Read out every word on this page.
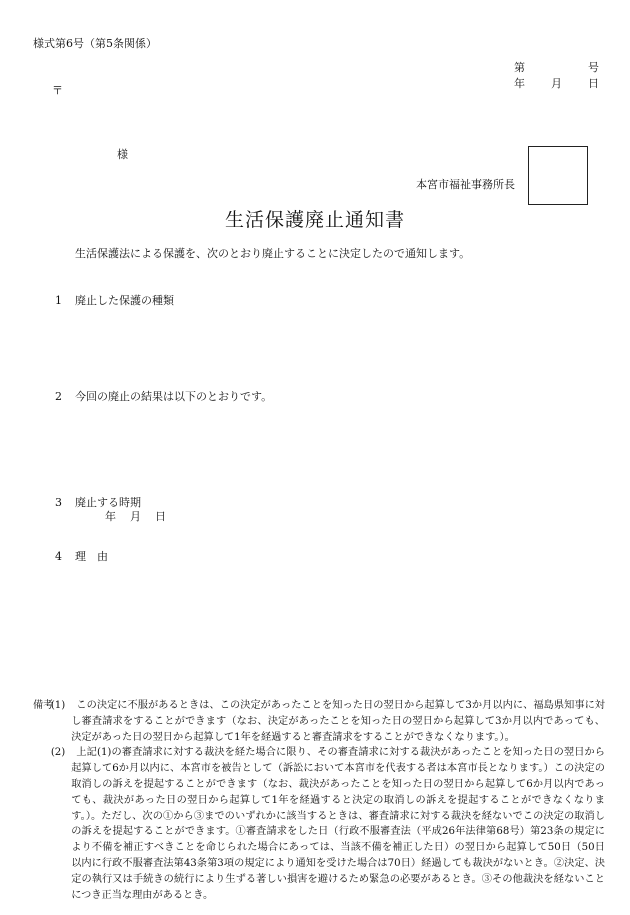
様式第6号（第5条関係）
第	号
年 月 日
〒
様
本宮市福祉事務所長
生活保護廃止通知書
生活保護法による保護を、次のとおり廃止することに決定したので通知します。
1 廃止した保護の種類
2 今回の廃止の結果は以下のとおりです。
3 廃止する時期
年 月 日
4 理　由
備考

(1) この決定に不服があるときは、この決定があったことを知った日の翌日から起算して3か月以内に、福島県知事に対し審査請求をすることができます（なお、決定があったことを知った日の翌日から起算して3か月以内であっても、決定があった日の翌日から起算して1年を経過すると審査請求をすることができなくなります。）。

(2) 上記(1)の審査請求に対する裁決を経た場合に限り、その審査請求に対する裁決があったことを知った日の翌日から起算して6か月以内に、本宮市を被告として（訴訟において本宮市を代表する者は本宮市長となります。）この決定の取消しの訴えを提起することができます（なお、裁決があったことを知った日の翌日から起算して6か月以内であっても、裁決があった日の翌日から起算して1年を経過すると決定の取消しの訴えを提起することができなくなります。）。ただし、次の①から③までのいずれかに該当するときは、審査請求に対する裁決を経ないでこの決定の取消しの訴えを提起することができます。①審査請求をした日（行政不服審査法（平成26年法律第68号）第23条の規定により不備を補正すべきことを命じられた場合にあっては、当該不備を補正した日）の翌日から起算して50日（50日以内に行政不服審査法第43条第3項の規定により通知を受けた場合は70日）経過しても裁決がないとき。②決定、決定の執行又は手続きの続行により生ずる著しい損害を避けるため緊急の必要があるとき。③その他裁決を経ないことにつき正当な理由があるとき。
